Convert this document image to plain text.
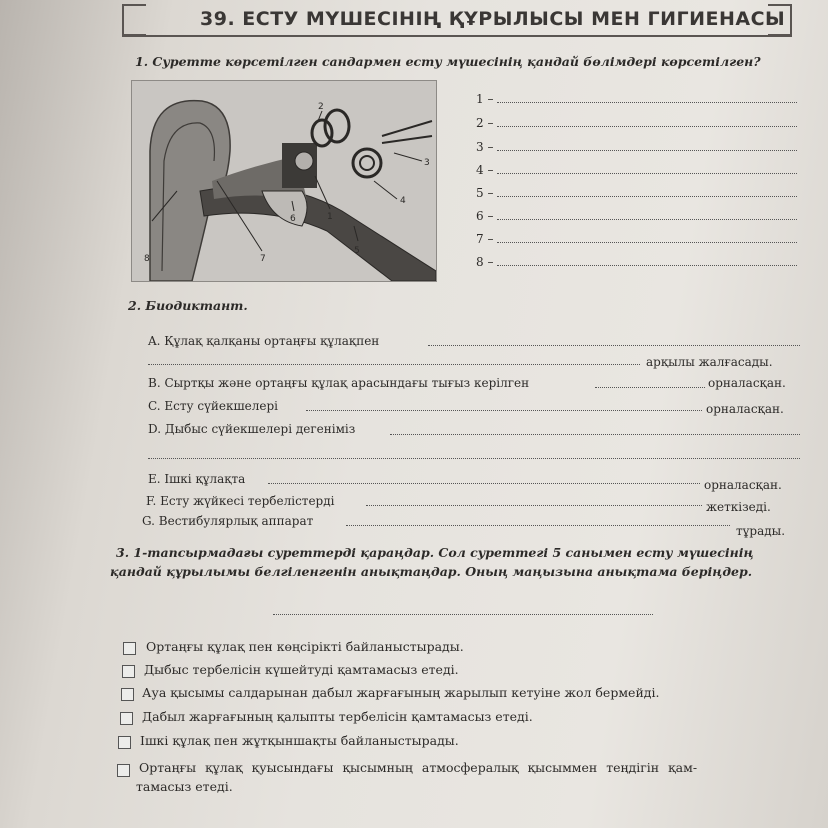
39. ЕСТУ МҮШЕСІНІҢ ҚҰРЫЛЫСЫ МЕН ГИГИЕНАСЫ
1. Суретте көрсетілген сандармен есту мүшесінің қандай бөлімдері көрсетілген?
1
2
3
4
5
6
7
8
1 –
2 –
3 –
4 –
5 –
6 –
7 –
8 –
2. Биодиктант.
A. Құлақ қалқаны ортаңғы құлақпен
арқылы жалғасады.
B. Сыртқы және ортаңғы құлақ арасындағы тығыз керілген	орналасқан.
C. Есту сүйекшелері	орналасқан.
D. Дыбыс сүйекшелері дегеніміз
E. Ішкі құлақта	орналасқан.
F. Есту жүйкесі тербелістерді	жеткізеді.
G. Вестибулярлық аппарат
тұрады.
3. 1-тапсырмадағы суреттерді қараңдар. Сол суреттегі 5 санымен есту мүшесінің
қандай құрылымы белгіленгенін анықтаңдар. Оның маңызына анықтама беріңдер.
Ортаңғы құлақ пен көңсірікті байланыстырады.
Дыбыс тербелісін күшейтуді қамтамасыз етеді.
Ауа қысымы салдарынан дабыл жарғағының жарылып кетуіне жол бермейді.
Дабыл жарғағының қалыпты тербелісін қамтамасыз етеді.
Ішкі құлақ пен жұтқыншақты байланыстырады.
Ортаңғы құлақ қуысындағы қысымның атмосфералық қысыммен теңдігін қам-
тамасыз етеді.
